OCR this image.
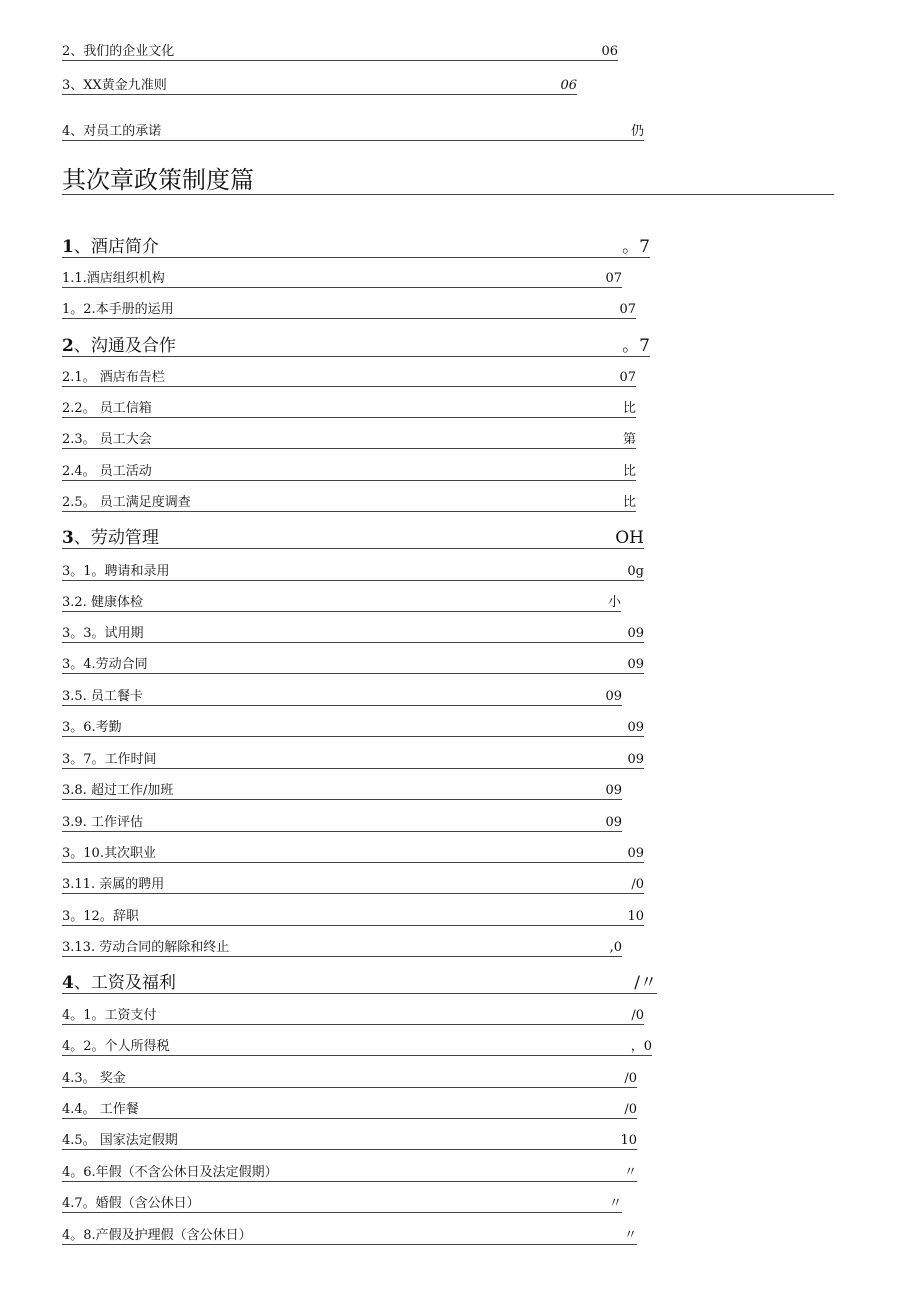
2、我们的企业文化	06
3、XX黄金九准则	06
4、对员工的承诺	仍
其次章政策制度篇
1、酒店简介	。7
1.1.酒店组织机构	07
1。2.本手册的运用	07
2、沟通及合作	。7
2.1。 酒店布告栏	07
2.2。 员工信箱	比
2.3。 员工大会	第
2.4。 员工活动	比
2.5。 员工满足度调查	比
3、劳动管理	OH
3。1。聘请和录用	0g
3.2. 健康体检	小
3。3。试用期	09
3。4.劳动合同	09
3.5. 员工餐卡	09
3。6.考勤	09
3。7。工作时间	09
3.8. 超过工作/加班	09
3.9. 工作评估	09
3。10.其次职业	09
3.11. 亲属的聘用	/0
3。12。辞职	10
3.13. 劳动合同的解除和终止	,0
4、工资及福利	/〃
4。1。工资支付	/0
4。2。个人所得税	，0
4.3。 奖金	/0
4.4。 工作餐	/0
4.5。 国家法定假期	10
4。6.年假（不含公休日及法定假期）	〃
4.7。婚假（含公休日）	〃
4。8.产假及护理假（含公休日）	〃
